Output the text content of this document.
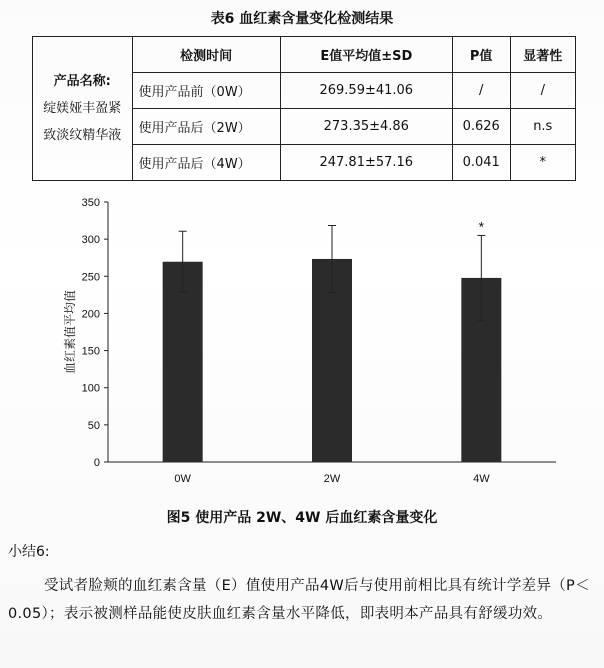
表6 血红素含量变化检测结果
产品名称:
绽媄娅丰盈紧
致淡纹精华液	检测时间	E值平均值±SD	P值	显著性
	使用产品前（0W）	269.59±41.06	/	/
	使用产品后（2W）	273.35±4.86	0.626	n.s
	使用产品后（4W）	247.81±57.16	0.041	*
0
50
100
150
200
250
300
350
血红素值平均值
0W	2W
*
4W
图5 使用产品 2W、4W 后血红素含量变化
小结6:
受试者脸颊的血红素含量（E）值使用产品4W后与使用前相比具有统计学差异（P＜0.05）；表示被测样品能使皮肤血红素含量水平降低，即表明本产品具有舒缓功效。
